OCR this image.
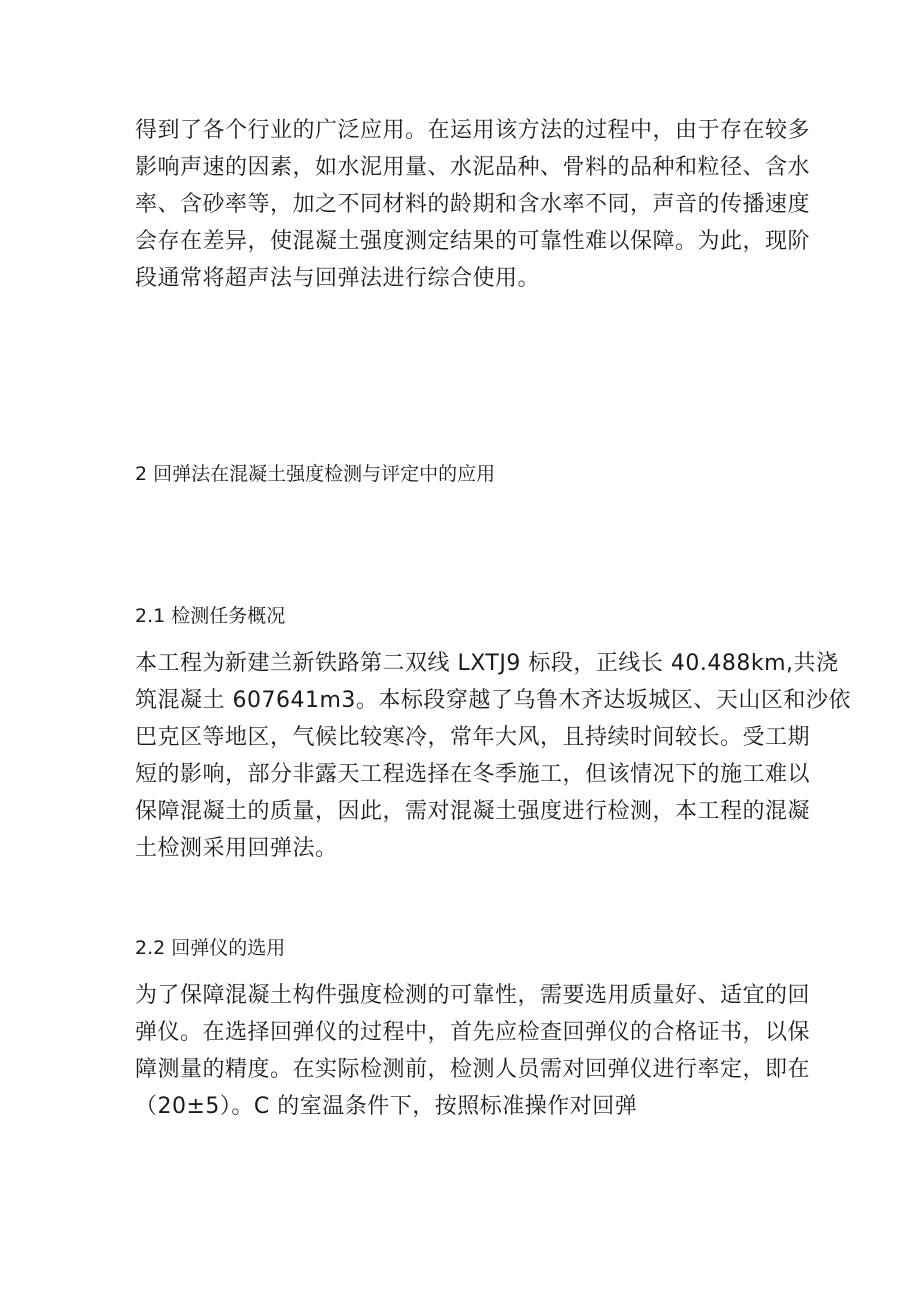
得到了各个行业的广泛应用。在运用该方法的过程中，由于存在较多
影响声速的因素，如水泥用量、水泥品种、骨料的品种和粒径、含水
率、含砂率等，加之不同材料的龄期和含水率不同，声音的传播速度
会存在差异，使混凝土强度测定结果的可靠性难以保障。为此，现阶
段通常将超声法与回弹法进行综合使用。
2 回弹法在混凝土强度检测与评定中的应用
2.1 检测任务概况
本工程为新建兰新铁路第二双线 LXTJ9 标段，正线长 40.488km,共浇
筑混凝土 607641m3。本标段穿越了乌鲁木齐达坂城区、天山区和沙依
巴克区等地区，气候比较寒冷，常年大风，且持续时间较长。受工期
短的影响，部分非露天工程选择在冬季施工，但该情况下的施工难以
保障混凝土的质量，因此，需对混凝土强度进行检测，本工程的混凝
土检测采用回弹法。
2.2 回弹仪的选用
为了保障混凝土构件强度检测的可靠性，需要选用质量好、适宜的回
弹仪。在选择回弹仪的过程中，首先应检查回弹仪的合格证书，以保
障测量的精度。在实际检测前，检测人员需对回弹仪进行率定，即在
（20±5）。C 的室温条件下，按照标准操作对回弹
